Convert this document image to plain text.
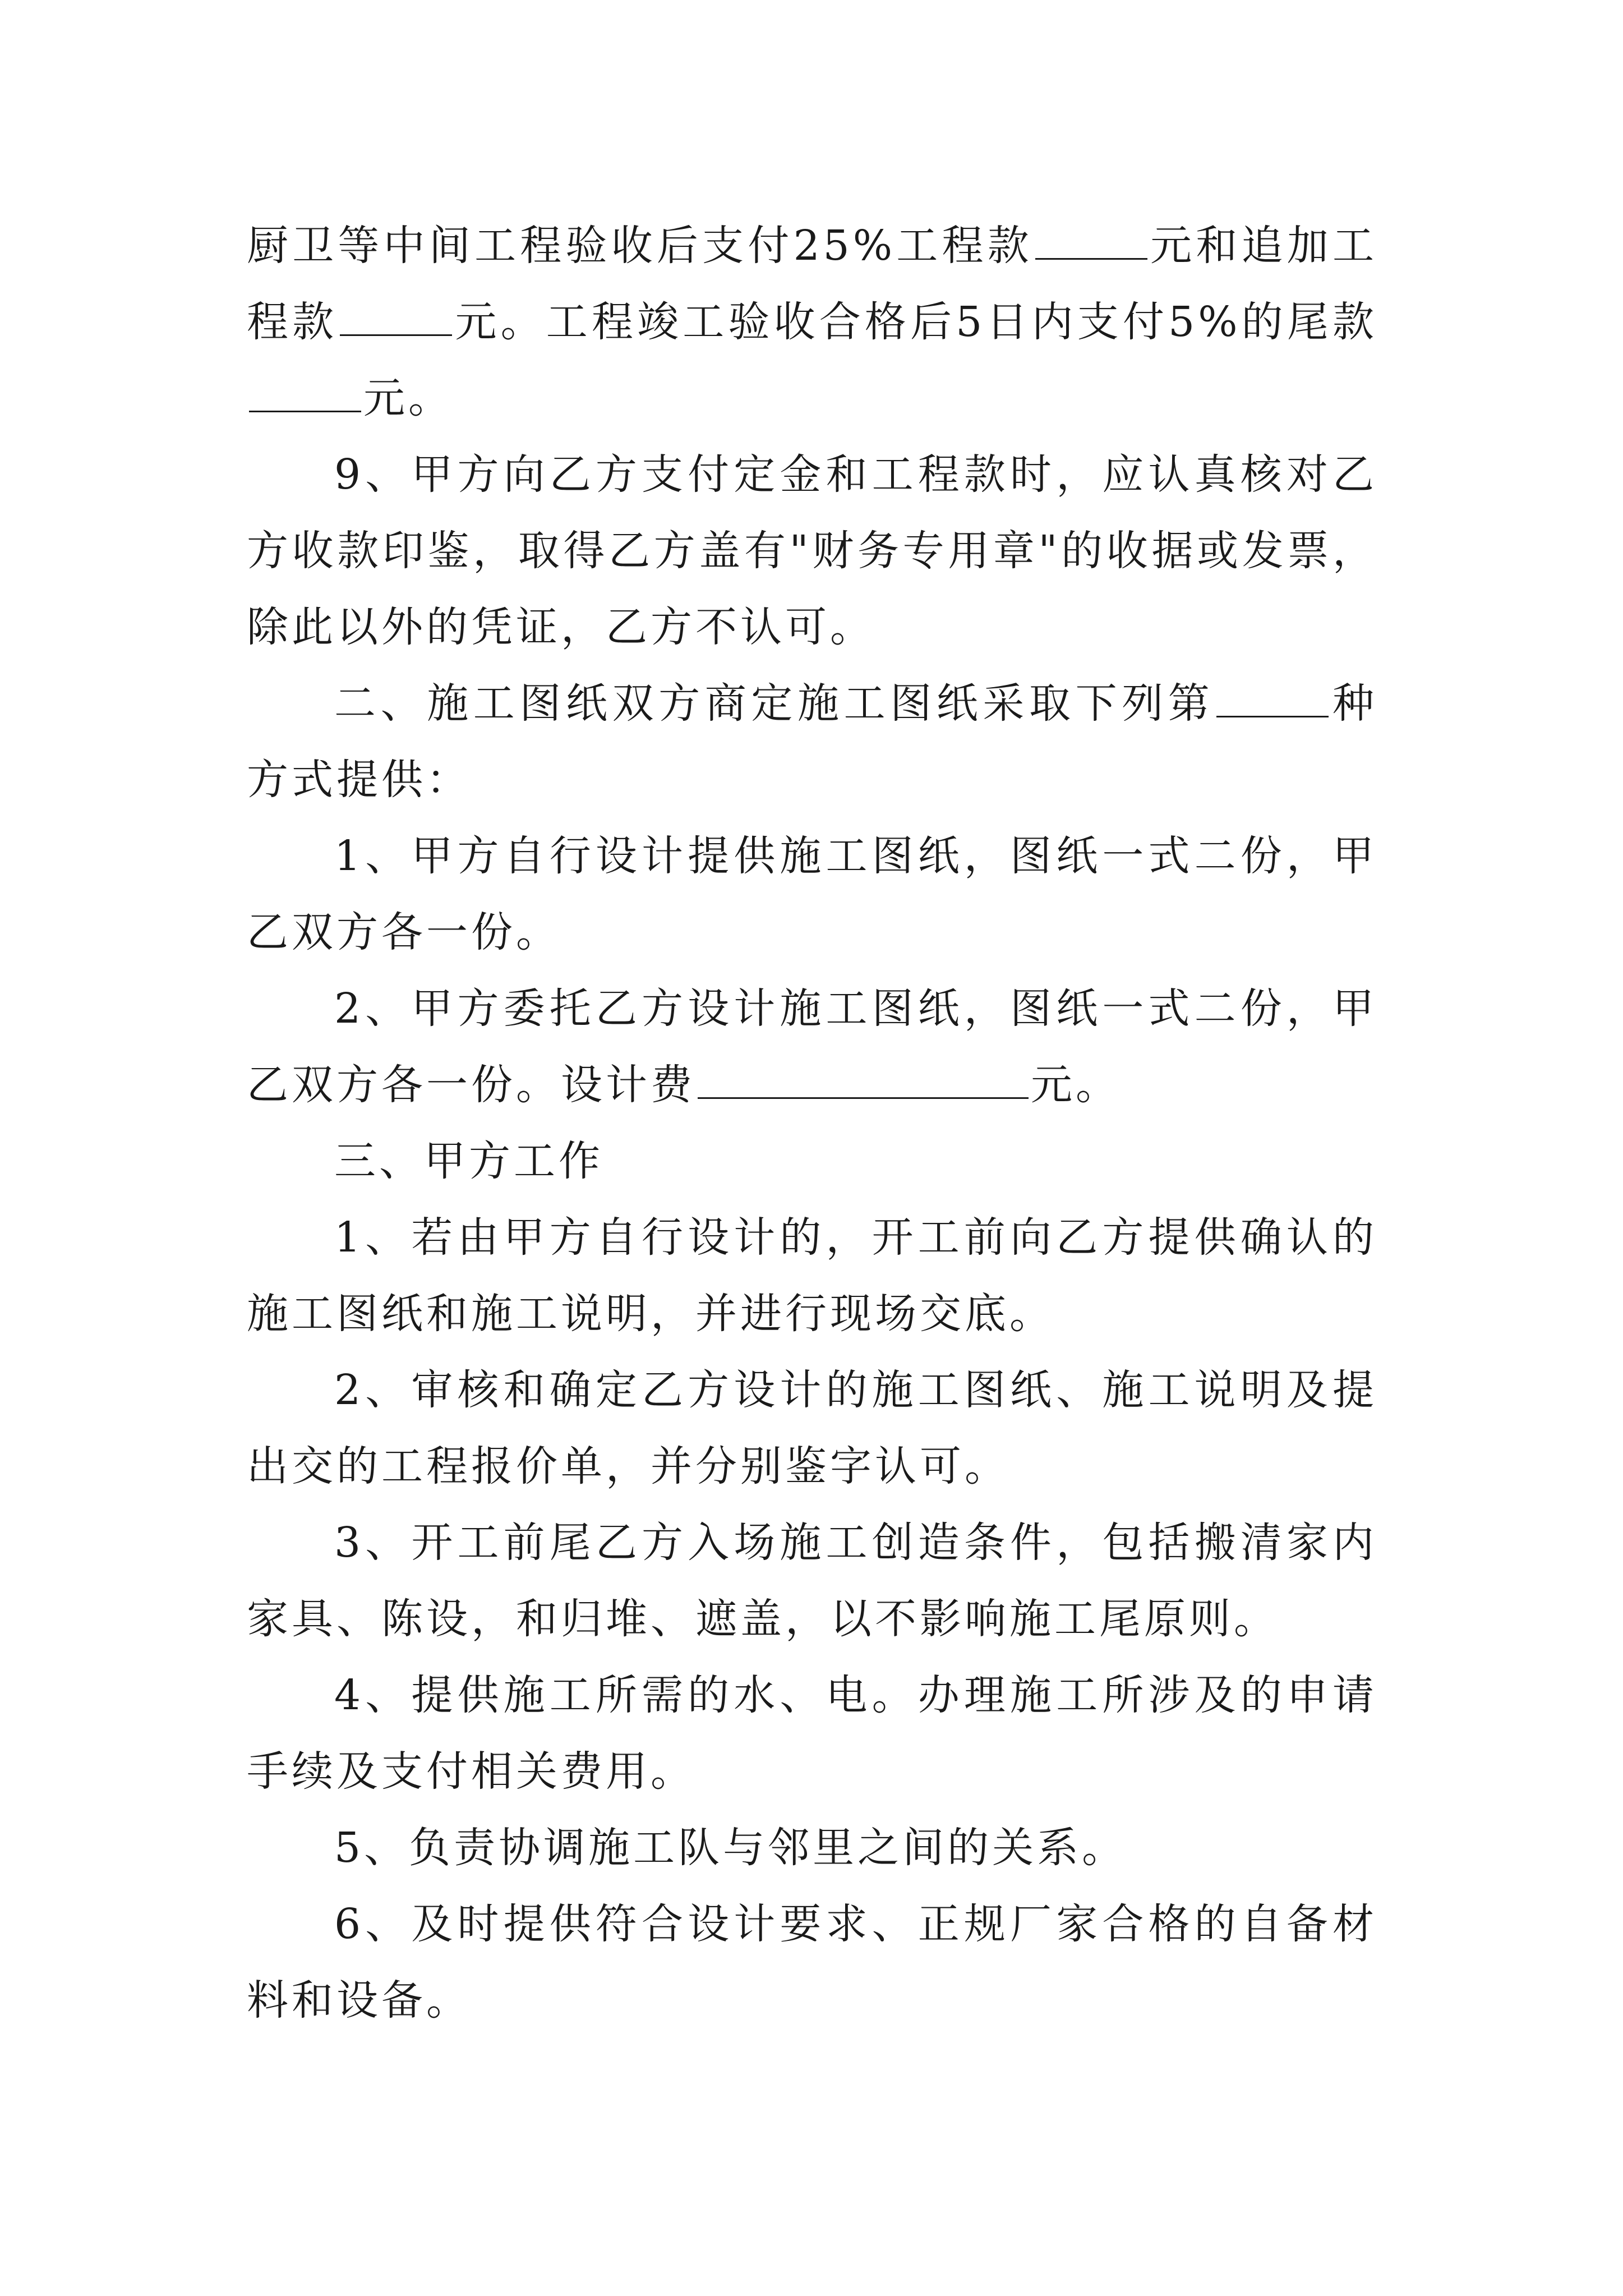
厨卫等中间工程验收后支付25%工程款	元和追加工程款	元。工程竣工验收合格后5日内支付5%的尾款元。

9、甲方向乙方支付定金和工程款时，应认真核对乙方收款印鉴，取得乙方盖有"财务专用章"的收据或发票，除此以外的凭证，乙方不认可。

二、施工图纸双方商定施工图纸采取下列第	种方式提供：

1、甲方自行设计提供施工图纸，图纸一式二份，甲乙双方各一份。

2、甲方委托乙方设计施工图纸，图纸一式二份，甲乙双方各一份。设计费	元。

三、甲方工作

1、若由甲方自行设计的，开工前向乙方提供确认的施工图纸和施工说明，并进行现场交底。

2、审核和确定乙方设计的施工图纸、施工说明及提出交的工程报价单，并分别鉴字认可。

3、开工前尾乙方入场施工创造条件，包括搬清家内家具、陈设，和归堆、遮盖，以不影响施工尾原则。

4、提供施工所需的水、电。办理施工所涉及的申请手续及支付相关费用。

5、负责协调施工队与邻里之间的关系。

6、及时提供符合设计要求、正规厂家合格的自备材料和设备。
